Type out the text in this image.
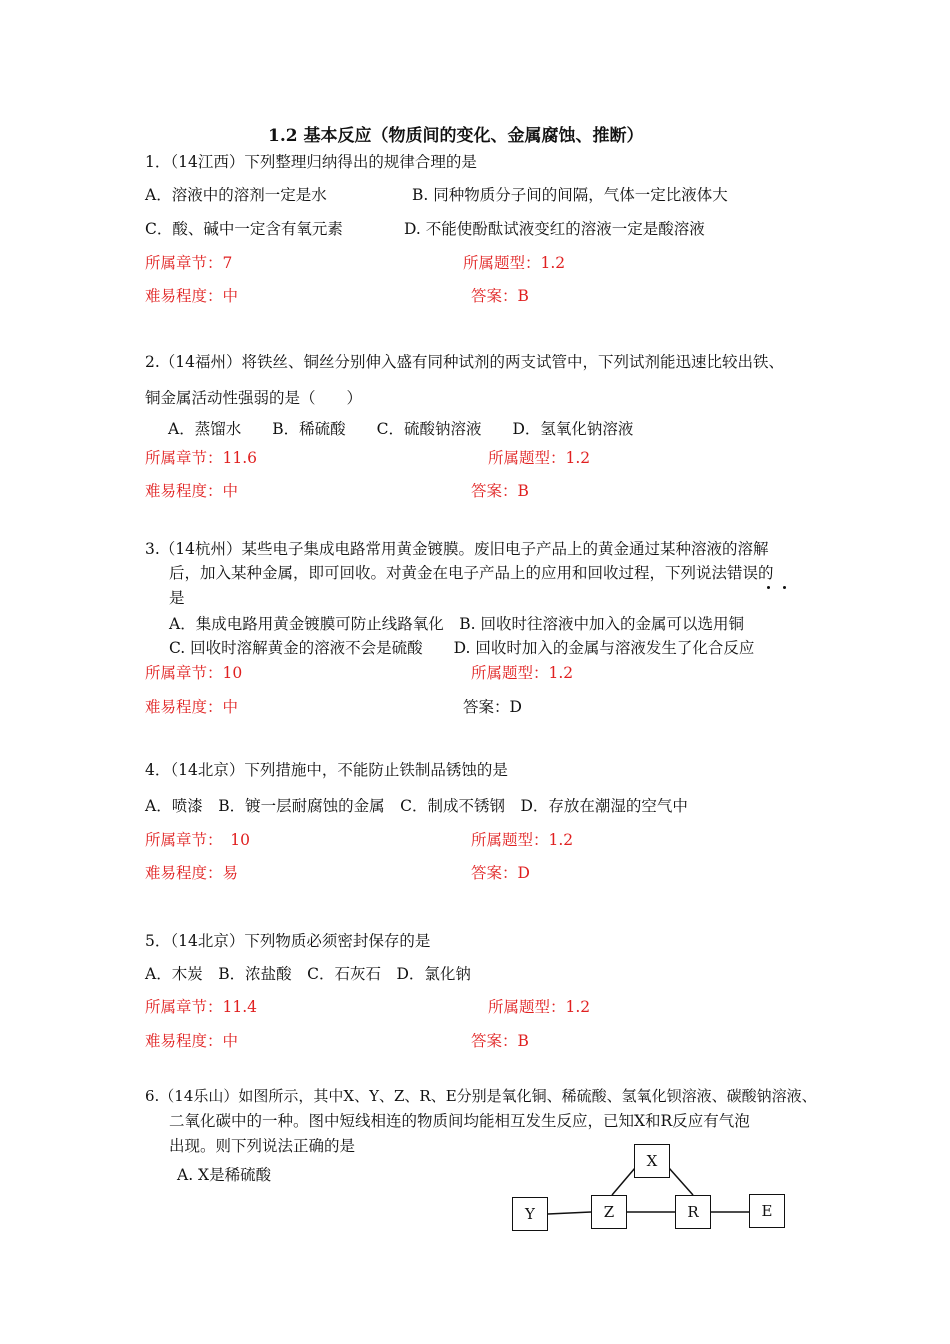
1.2 基本反应（物质间的变化、金属腐蚀、推断）
1．（14江西）下列整理归纳得出的规律合理的是
A．溶液中的溶剂一定是水	B. 同种物质分子间的间隔，气体一定比液体大
C．酸、碱中一定含有氧元素	D. 不能使酚酞试液变红的溶液一定是酸溶液
所属章节：7	所属题型：1.2
难易程度：中	答案：B
2.（14福州）将铁丝、铜丝分别伸入盛有同种试剂的两支试管中，下列试剂能迅速比较出铁、
铜金属活动性强弱的是（　　）
A．蒸馏水　　B．稀硫酸　　C．硫酸钠溶液　　D．氢氧化钠溶液
所属章节：11.6	所属题型：1.2
难易程度：中	答案：B
3.（14杭州）某些电子集成电路常用黄金镀膜。废旧电子产品上的黄金通过某种溶液的溶解
后，加入某种金属，即可回收。对黄金在电子产品上的应用和回收过程，下列说法错误的
是
A．集成电路用黄金镀膜可防止线路氧化　B. 回收时往溶液中加入的金属可以选用铜
C. 回收时溶解黄金的溶液不会是硫酸　　D. 回收时加入的金属与溶液发生了化合反应
所属章节：10	所属题型：1.2
难易程度：中	答案：D
4．（14北京）下列措施中，不能防止铁制品锈蚀的是
A．喷漆　B．镀一层耐腐蚀的金属　C．制成不锈钢　D．存放在潮湿的空气中
所属章节：　10	所属题型：1.2
难易程度：易	答案：D
5．（14北京）下列物质必须密封保存的是
A．木炭　B．浓盐酸　C．石灰石　D．氯化钠
所属章节：11.4	所属题型：1.2
难易程度：中	答案：B
6.（14乐山）如图所示，其中X、Y、Z、R、E分别是氧化铜、稀硫酸、氢氧化钡溶液、碳酸钠溶液、
二氧化碳中的一种。图中短线相连的物质间均能相互发生反应，已知X和R反应有气泡
出现。则下列说法正确的是
A. X是稀硫酸
X
Y	Z	R	E
